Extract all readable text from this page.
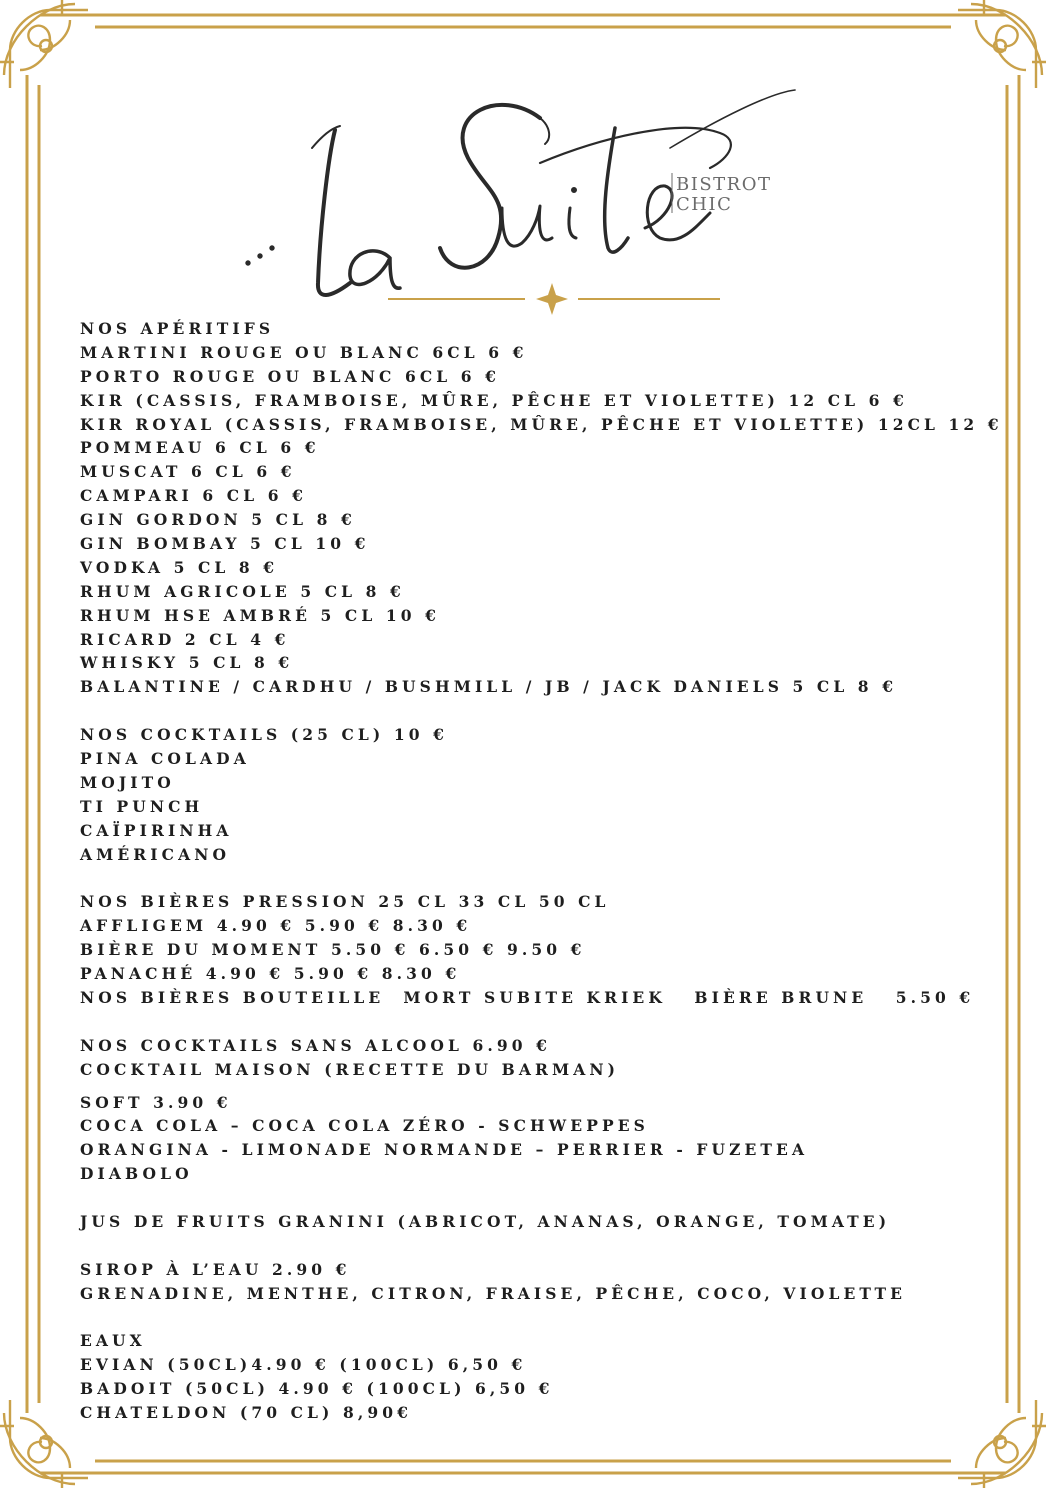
BISTROT
CHIC
NOS APÉRITIFS
MARTINI ROUGE OU BLANC 6CL 6 €
PORTO ROUGE OU BLANC 6CL 6 €
KIR (CASSIS, FRAMBOISE, MÛRE, PÊCHE ET VIOLETTE) 12 CL 6 €
KIR ROYAL (CASSIS, FRAMBOISE, MÛRE, PÊCHE ET VIOLETTE) 12CL 12 €
POMMEAU 6 CL 6 €
MUSCAT 6 CL 6 €
CAMPARI 6 CL 6 €
GIN GORDON 5 CL 8 €
GIN BOMBAY 5 CL 10 €
VODKA 5 CL 8 €
RHUM AGRICOLE 5 CL 8 €
RHUM HSE AMBRÉ 5 CL 10 €
RICARD 2 CL 4 €
WHISKY 5 CL 8 €
BALANTINE / CARDHU / BUSHMILL / JB / JACK DANIELS 5 CL 8 €
NOS COCKTAILS (25 CL) 10 €
PINA COLADA
MOJITO
TI PUNCH
CAÏPIRINHA
AMÉRICANO
NOS BIÈRES PRESSION 25 CL 33 CL 50 CL
AFFLIGEM 4.90 € 5.90 € 8.30 €
BIÈRE DU MOMENT 5.50 € 6.50 € 9.50 €
PANACHÉ 4.90 € 5.90 € 8.30 €
NOS BIÈRES BOUTEILLE  MORT SUBITE KRIEK   BIÈRE BRUNE   5.50 €
NOS COCKTAILS SANS ALCOOL 6.90 €
COCKTAIL MAISON (RECETTE DU BARMAN)
SOFT 3.90 €
COCA COLA – COCA COLA ZÉRO - SCHWEPPES
ORANGINA - LIMONADE NORMANDE – PERRIER - FUZETEA
DIABOLO
JUS DE FRUITS GRANINI (ABRICOT, ANANAS, ORANGE, TOMATE)
SIROP À L’EAU 2.90 €
GRENADINE, MENTHE, CITRON, FRAISE, PÊCHE, COCO, VIOLETTE
EAUX
EVIAN (50CL)4.90 € (100CL) 6,50 €
BADOIT (50CL) 4.90 € (100CL) 6,50 €
CHATELDON (70 CL) 8,90€
